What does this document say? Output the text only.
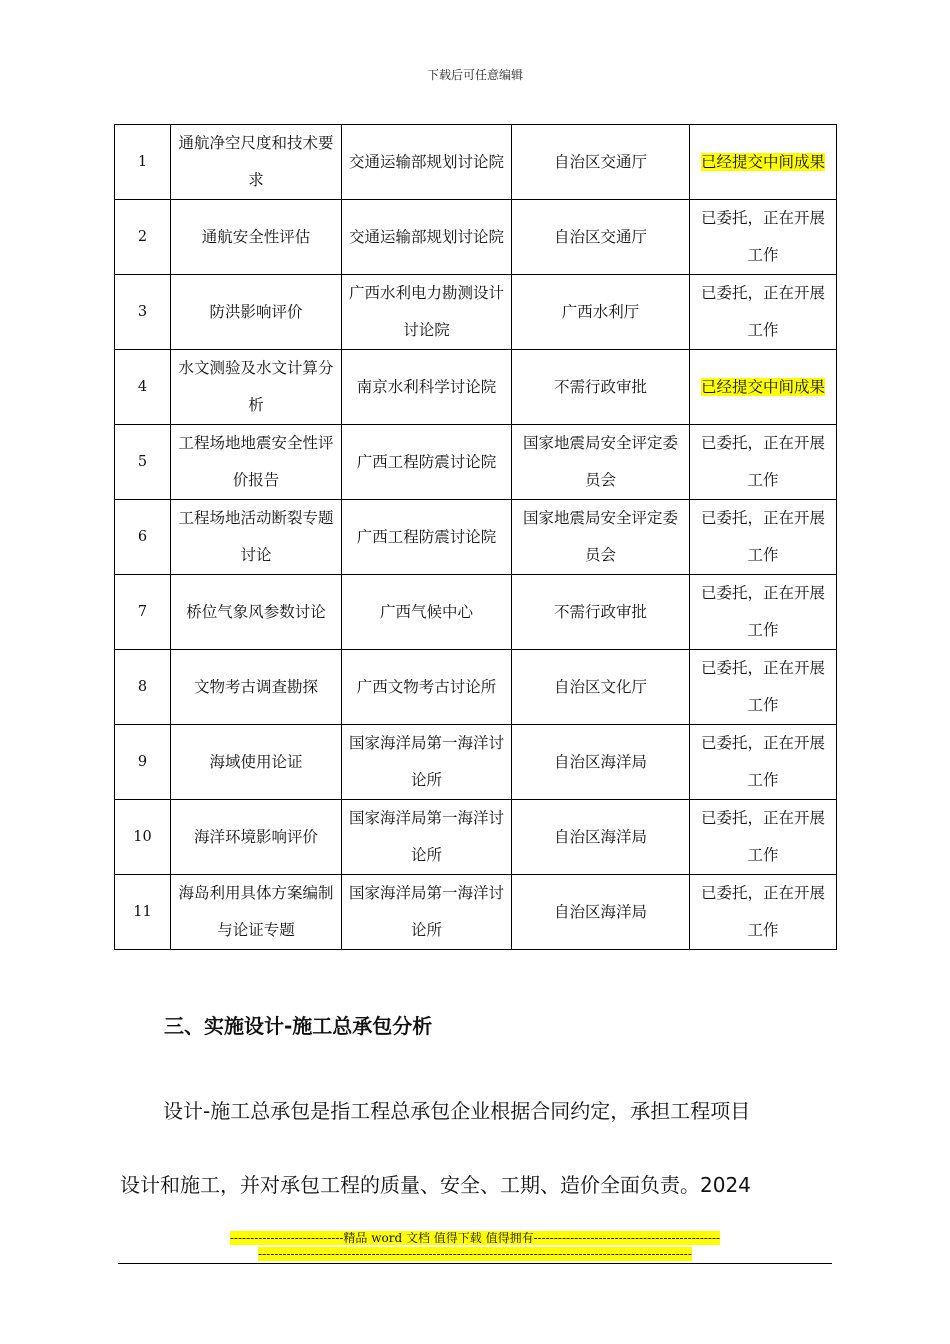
下载后可任意编辑
1	通航净空尺度和技术要求	交通运输部规划讨论院	自治区交通厅	已经提交中间成果
2	通航安全性评估	交通运输部规划讨论院	自治区交通厅	已委托，正在开展工作
3	防洪影响评价	广西水利电力勘测设计讨论院	广西水利厅	已委托，正在开展工作
4	水文测验及水文计算分析	南京水利科学讨论院	不需行政审批	已经提交中间成果
5	工程场地地震安全性评价报告	广西工程防震讨论院	国家地震局安全评定委员会	已委托，正在开展工作
6	工程场地活动断裂专题讨论	广西工程防震讨论院	国家地震局安全评定委员会	已委托，正在开展工作
7	桥位气象风参数讨论	广西气候中心	不需行政审批	已委托，正在开展工作
8	文物考古调查勘探	广西文物考古讨论所	自治区文化厅	已委托，正在开展工作
9	海域使用论证	国家海洋局第一海洋讨论所	自治区海洋局	已委托，正在开展工作
10	海洋环境影响评价	国家海洋局第一海洋讨论所	自治区海洋局	已委托，正在开展工作
11	海岛利用具体方案编制与论证专题	国家海洋局第一海洋讨论所	自治区海洋局	已委托，正在开展工作
三、实施设计-施工总承包分析
设计-施工总承包是指工程总承包企业根据合同约定，承担工程项目
设计和施工，并对承包工程的质量、安全、工期、造价全面负责。2024
----------------------------精品 word 文档 值得下载 值得拥有----------------------------------------------
-----------------------------------------------------------------------------------------------------------
